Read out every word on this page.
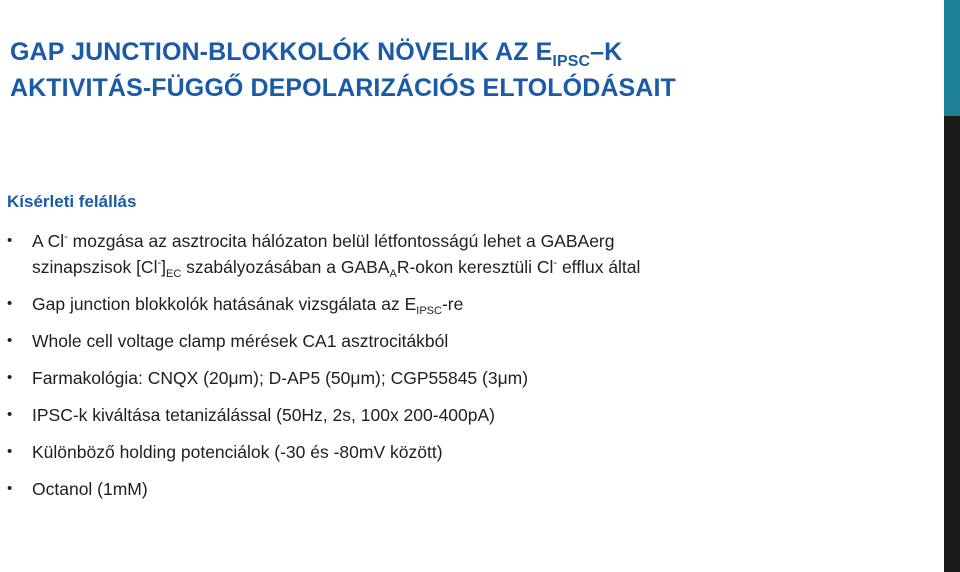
GAP JUNCTION-BLOKKOLÓK NÖVELIK AZ $E_{IPSC}-K$
AKTIVITÁS-FÜGGŐ DEPOLARIZÁCIÓS ELTOLÓDÁSAIT
Kísérleti felállás
• A Cl- mozgása az asztrocita hálózaton belül létfontosságú lehet a GABAerg
szinapszisok $[Cl^-]_{EC}$ szabályozásában a $GABA_AR$-okon keresztüli Cl- efflux által
• Gap junction blokkolók hatásának vizsgálata az $E_{IPSC}-re$
• Whole cell voltage clamp mérések CA1 asztrocitákból
• Farmakológia: CNQX (20μm); D-AP5 (50μm); CGP55845 (3μm)
• IPSC-k kiváltása tetanizálással (50Hz, 2s, 100x 200-400pA)
• Különböző holding potenciálok (-30 és -80mV között)
• Octanol (1mM)
